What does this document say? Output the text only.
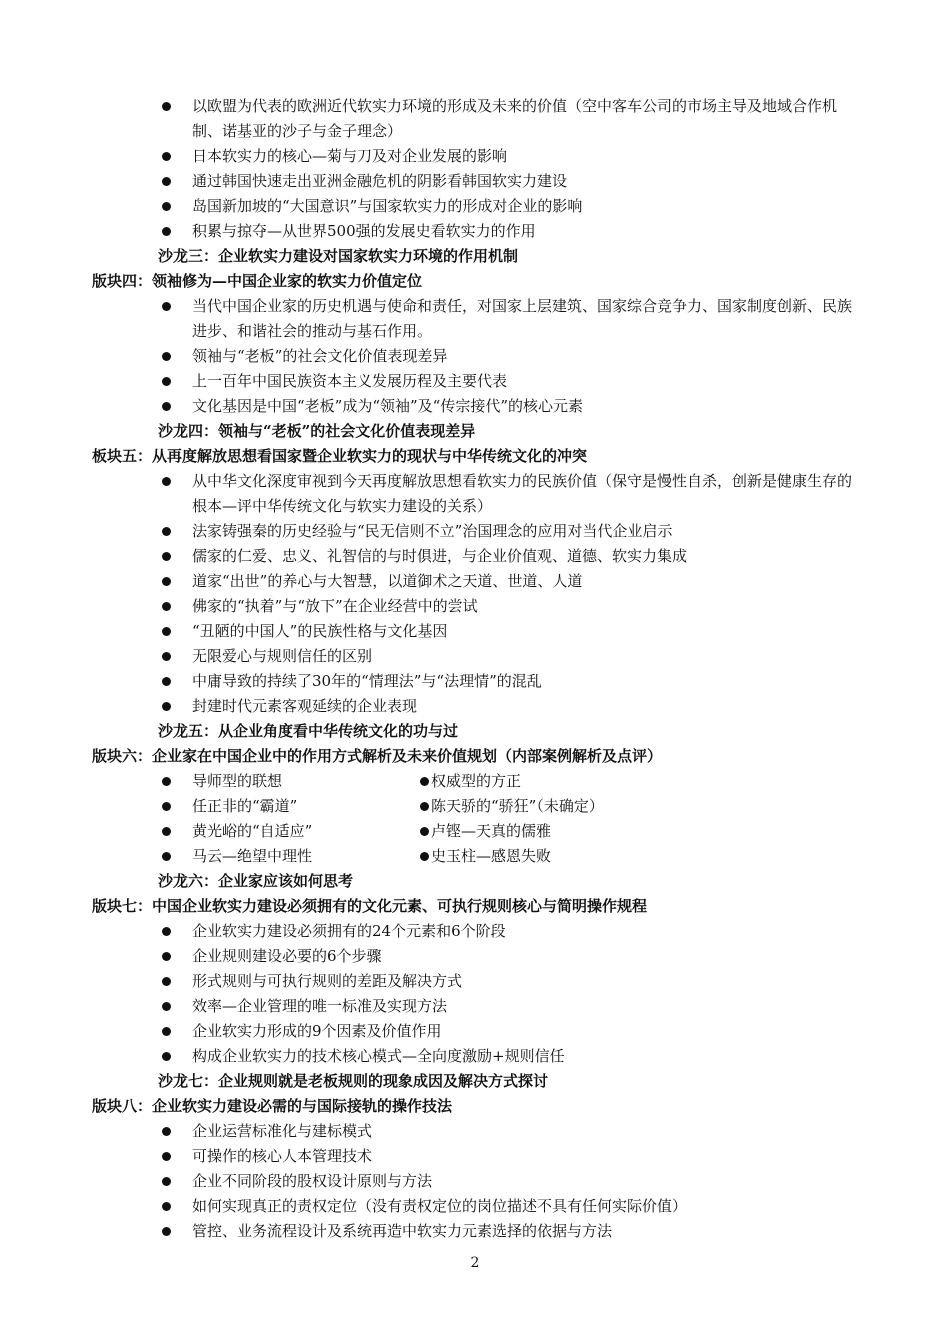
以欧盟为代表的欧洲近代软实力环境的形成及未来的价值（空中客车公司的市场主导及地域合作机制、诺基亚的沙子与金子理念）
日本软实力的核心—菊与刀及对企业发展的影响
通过韩国快速走出亚洲金融危机的阴影看韩国软实力建设
岛国新加坡的“大国意识”与国家软实力的形成对企业的影响
积累与掠夺—从世界500强的发展史看软实力的作用
沙龙三：企业软实力建设对国家软实力环境的作用机制
版块四：领袖修为—中国企业家的软实力价值定位
当代中国企业家的历史机遇与使命和责任，对国家上层建筑、国家综合竞争力、国家制度创新、民族进步、和谐社会的推动与基石作用。
领袖与“老板”的社会文化价值表现差异
上一百年中国民族资本主义发展历程及主要代表
文化基因是中国“老板”成为“领袖”及“传宗接代”的核心元素
沙龙四：领袖与“老板”的社会文化价值表现差异
板块五：从再度解放思想看国家暨企业软实力的现状与中华传统文化的冲突
从中华文化深度审视到今天再度解放思想看软实力的民族价值（保守是慢性自杀，创新是健康生存的根本—评中华传统文化与软实力建设的关系）
法家铸强秦的历史经验与“民无信则不立”治国理念的应用对当代企业启示
儒家的仁爱、忠义、礼智信的与时俱进，与企业价值观、道德、软实力集成
道家“出世”的养心与大智慧，以道御术之天道、世道、人道
佛家的“执着”与“放下”在企业经营中的尝试
“丑陋的中国人”的民族性格与文化基因
无限爱心与规则信任的区别
中庸导致的持续了30年的“情理法”与“法理情”的混乱
封建时代元素客观延续的企业表现
沙龙五：从企业角度看中华传统文化的功与过
版块六：企业家在中国企业中的作用方式解析及未来价值规划（内部案例解析及点评）
导师型的联想	权威型的方正
任正非的“霸道”	陈天骄的“骄狂”（未确定）
黄光峪的“自适应”	卢铿—天真的儒雅
马云—绝望中理性	史玉柱—感恩失败
沙龙六：企业家应该如何思考
版块七：中国企业软实力建设必须拥有的文化元素、可执行规则核心与简明操作规程
企业软实力建设必须拥有的24个元素和6个阶段
企业规则建设必要的6个步骤
形式规则与可执行规则的差距及解决方式
效率—企业管理的唯一标准及实现方法
企业软实力形成的9个因素及价值作用
构成企业软实力的技术核心模式—全向度激励+规则信任
沙龙七：企业规则就是老板规则的现象成因及解决方式探讨
版块八：企业软实力建设必需的与国际接轨的操作技法
企业运营标准化与建标模式
可操作的核心人本管理技术
企业不同阶段的股权设计原则与方法
如何实现真正的责权定位（没有责权定位的岗位描述不具有任何实际价值）
管控、业务流程设计及系统再造中软实力元素选择的依据与方法
2
